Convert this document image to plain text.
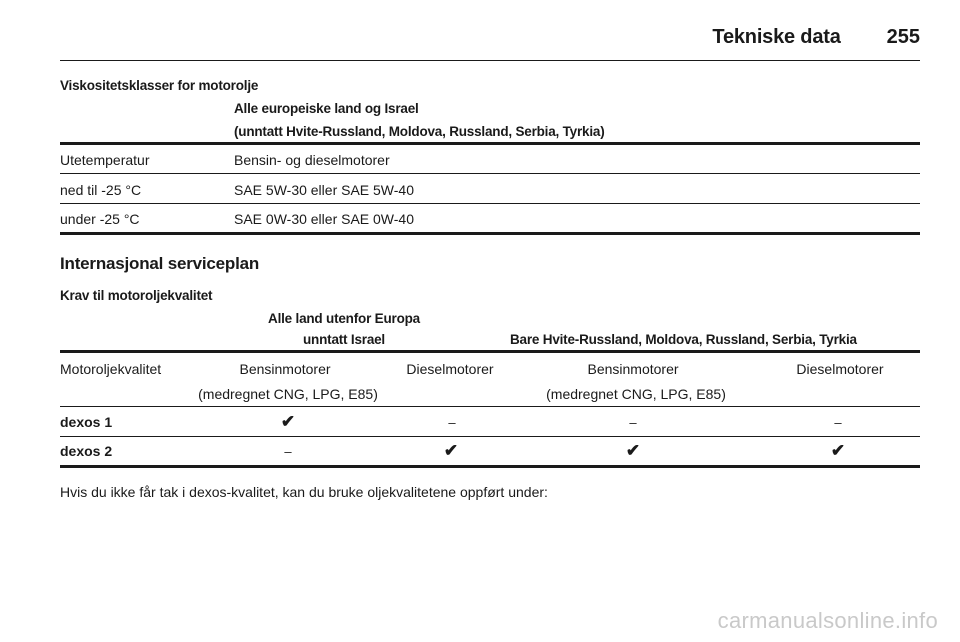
Tekniske data 255
Viskositetsklasser for motorolje
Alle europeiske land og Israel
(unntatt Hvite-Russland, Moldova, Russland, Serbia, Tyrkia)
Utetemperatur	Bensin- og dieselmotorer
ned til -25 °C	SAE 5W-30 eller SAE 5W-40
under -25 °C	SAE 0W-30 eller SAE 0W-40
Internasjonal serviceplan
Krav til motoroljekvalitet
Alle land utenfor Europa
unntatt Israel	Bare Hvite-Russland, Moldova, Russland, Serbia, Tyrkia
Motoroljekvalitet	Bensinmotorer	Dieselmotorer	Bensinmotorer	Dieselmotorer
(medregnet CNG, LPG, E85)	(medregnet CNG, LPG, E85)
dexos 1	✔	–	–	–
dexos 2	–	✔	✔	✔
Hvis du ikke får tak i dexos-kvalitet, kan du bruke oljekvalitetene oppført under:
carmanualsonline.info
